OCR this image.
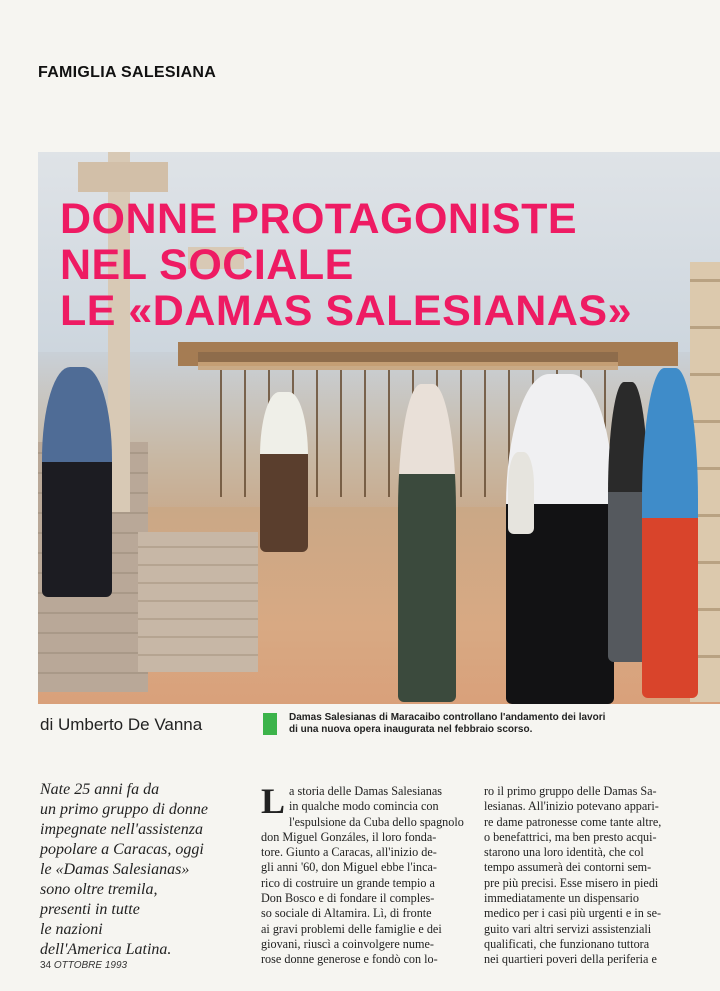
FAMIGLIA SALESIANA
DONNE PROTAGONISTE
NEL SOCIALE
LE «DAMAS SALESIANAS»
di Umberto De Vanna	Damas Salesianas di Maracaibo controllano l'andamento dei lavori
di una nuova opera inaugurata nel febbraio scorso.
Nate 25 anni fa da
un primo gruppo di donne
impegnate nell'assistenza
popolare a Caracas, oggi
le «Damas Salesianas»
sono oltre tremila,
presenti in tutte
le nazioni
dell'America Latina.
34 OTTOBRE 1993
L a storia delle Damas Salesianas
in qualche modo comincia con
l'espulsione da Cuba dello spagnolo
don Miguel Gonzáles, il loro fonda-
tore. Giunto a Caracas, all'inizio de-
gli anni '60, don Miguel ebbe l'inca-
rico di costruire un grande tempio a
Don Bosco e di fondare il comples-
so sociale di Altamira. Lì, di fronte
ai gravi problemi delle famiglie e dei
giovani, riuscì a coinvolgere nume-
rose donne generose e fondò con lo-
ro il primo gruppo delle Damas Sa-
lesianas. All'inizio potevano appari-
re dame patronesse come tante altre,
o benefattrici, ma ben presto acqui-
starono una loro identità, che col
tempo assumerà dei contorni sem-
pre più precisi. Esse misero in piedi
immediatamente un dispensario
medico per i casi più urgenti e in se-
guito vari altri servizi assistenziali
qualificati, che funzionano tuttora
nei quartieri poveri della periferia e
